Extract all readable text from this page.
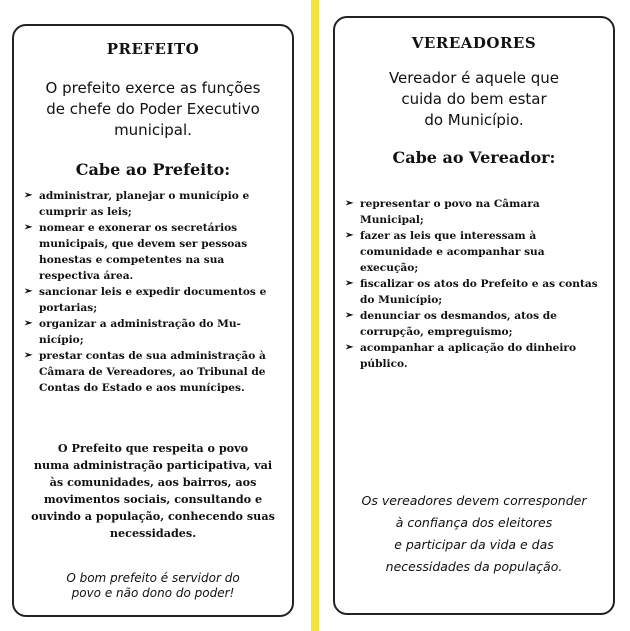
PREFEITO
O prefeito exerce as funções
de chefe do Poder Executivo
municipal.
Cabe ao Prefeito:
➢ administrar, planejar o município e
cumprir as leis;
➢ nomear e exonerar os secretários
municipais, que devem ser pessoas
honestas e competentes na sua
respectiva área.
➢ sancionar leis e expedir documentos e
portarias;
➢ organizar a administração do Mu-
nicípio;
➢ prestar contas de sua administração à
Câmara de Vereadores, ao Tribunal de
Contas do Estado e aos munícipes.
O Prefeito que respeita o povo
numa administração participativa, vai
às comunidades, aos bairros, aos
movimentos sociais, consultando e
ouvindo a população, conhecendo suas
necessidades.
O bom prefeito é servidor do
povo e não dono do poder!
VEREADORES
Vereador é aquele que
cuida do bem estar
do Município.
Cabe ao Vereador:
➢ representar o povo na Câmara
Municipal;
➢ fazer as leis que interessam à
comunidade e acompanhar sua
execução;
➢ fiscalizar os atos do Prefeito e as contas
do Município;
➢ denunciar os desmandos, atos de
corrupção, empreguismo;
➢ acompanhar a aplicação do dinheiro
público.
Os vereadores devem corresponder
à confiança dos eleitores
e participar da vida e das
necessidades da população.
